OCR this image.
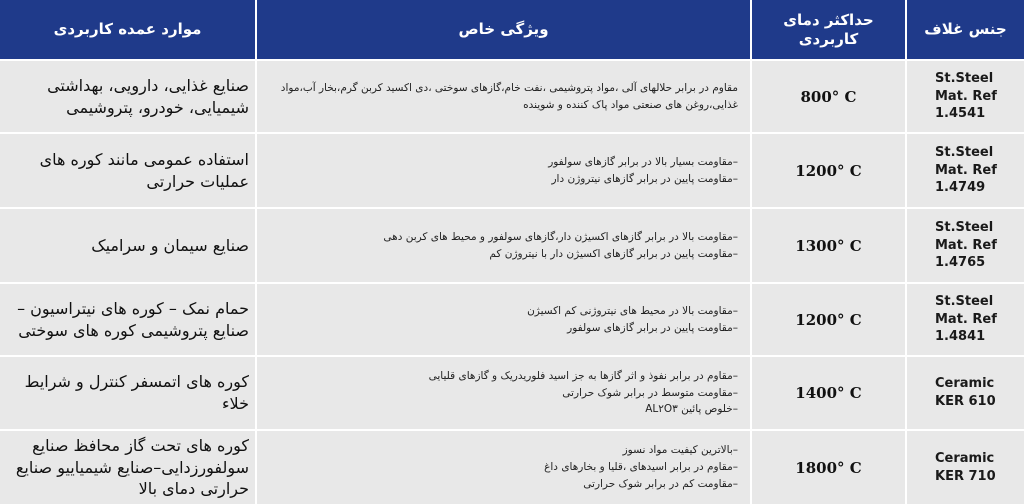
جنس غلاف
حداکثر دمای کاربردی
ویژگی خاص
موارد عمده کاربردی
St.Steel
Mat. Ref
1.4541
800° C
مقاوم در برابر حلالهای آلی ،مواد پتروشیمی ،نفت خام،گازهای سوختی ،دی اکسید کربن گرم،بخار آب،مواد غذایی،روغن های صنعتی مواد پاک کننده و شوینده
صنایع غذایی، دارویی، بهداشتی شیمیایی، خودرو، پتروشیمی
St.Steel
Mat. Ref
1.4749
1200° C
–مقاومت بسیار بالا در برابر گازهای سولفور
–مقاومت پایین در برابر گازهای نیتروژن دار
استفاده عمومی مانند کوره های عملیات حرارتی
St.Steel
Mat. Ref
1.4765
1300° C
–مقاومت بالا در برابر گازهای اکسیژن دار،گازهای سولفور و محیط های کربن دهی
–مقاومت پایین در برابر گازهای اکسیژن دار با نیتروژن کم
صنایع سیمان و سرامیک
St.Steel
Mat. Ref
1.4841
1200° C
–مقاومت بالا در محیط های نیتروژنی کم اکسیژن
–مقاومت پایین در برابر گازهای سولفور
حمام نمک – کوره های نیتراسیون – صنایع پتروشیمی کوره های سوختی
Ceramic
KER 610
1400° C
–مقاوم در برابر نفوذ و اثر گازها به جز اسید فلوریدریک و گازهای قلیایی
–مقاومت متوسط در برابر شوک حرارتی
–خلوص پائین AL۲O۳
کوره های اتمسفر کنترل و شرایط خلاء
Ceramic
KER 710
1800° C
–بالاترین کیفیت مواد نسوز
–مقاوم در برابر اسیدهای ،قلیا و بخارهای داغ
–مقاومت کم در برابر شوک حرارتی
کوره های تحت گاز محافظ صنایع سولفورزدایی–صنایع شیمیاییو صنایع حرارتی دمای بالا
